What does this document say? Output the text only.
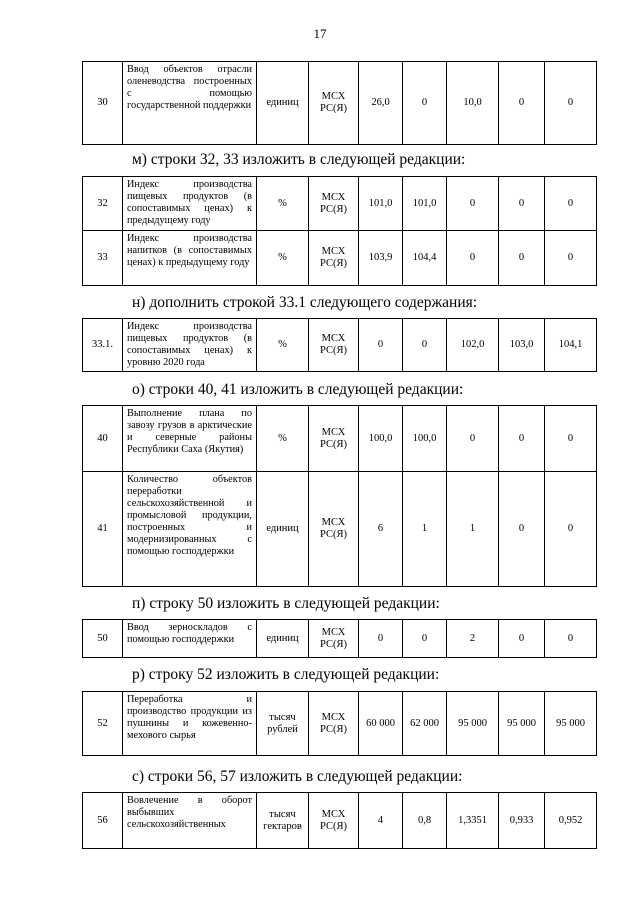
17
30	Ввод объектов отрасли оленеводства построенных с помощью государственной поддержки	единиц	МСХ РС(Я)	26,0	0	10,0	0	0
м) строки 32, 33 изложить в следующей редакции:
32	Индекс производства пищевых продуктов (в сопоставимых ценах) к предыдущему году	%	МСХ РС(Я)	101,0	101,0	0	0	0
33	Индекс производства напитков (в сопоставимых ценах) к предыдущему году	%	МСХ РС(Я)	103,9	104,4	0	0	0
н) дополнить строкой 33.1 следующего содержания:
33.1.	Индекс производства пищевых продуктов (в сопоставимых ценах) к уровню 2020 года	%	МСХ РС(Я)	0	0	102,0	103,0	104,1
о) строки 40, 41 изложить в следующей редакции:
40	Выполнение плана по завозу грузов в арктические и северные районы Республики Саха (Якутия)	%	МСХ РС(Я)	100,0	100,0	0	0	0
41	Количество объектов переработки сельскохозяйственной и промысловой продукции, построенных и модернизированных с помощью господдержки	единиц	МСХ РС(Я)	6	1	1	0	0
п) строку 50 изложить в следующей редакции:
50	Ввод зерноскладов с помощью господдержки	единиц	МСХ РС(Я)	0	0	2	0	0
р) строку 52 изложить в следующей редакции:
52	Переработка и производство продукции из пушнины и кожевенно-мехового сырья	тысяч рублей	МСХ РС(Я)	60 000	62 000	95 000	95 000	95 000
с) строки 56, 57 изложить в следующей редакции:
56	Вовлечение в оборот выбывших сельскохозяйственных	тысяч гектаров	МСХ РС(Я)	4	0,8	1,3351	0,933	0,952
